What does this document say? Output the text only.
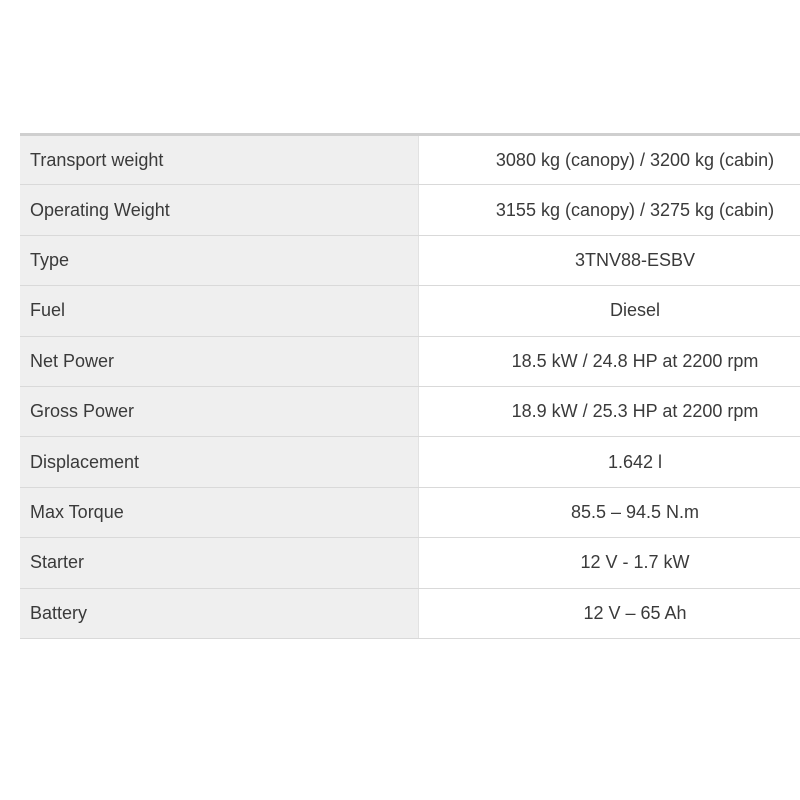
Transport weight	3080 kg (canopy) / 3200 kg (cabin)
Operating Weight	3155 kg (canopy) / 3275 kg (cabin)
Type	3TNV88-ESBV
Fuel	Diesel
Net Power	18.5 kW / 24.8 HP at 2200 rpm
Gross Power	18.9 kW / 25.3 HP at 2200 rpm
Displacement	1.642 l
Max Torque	85.5 – 94.5 N.m
Starter	12 V - 1.7 kW
Battery	12 V – 65 Ah
